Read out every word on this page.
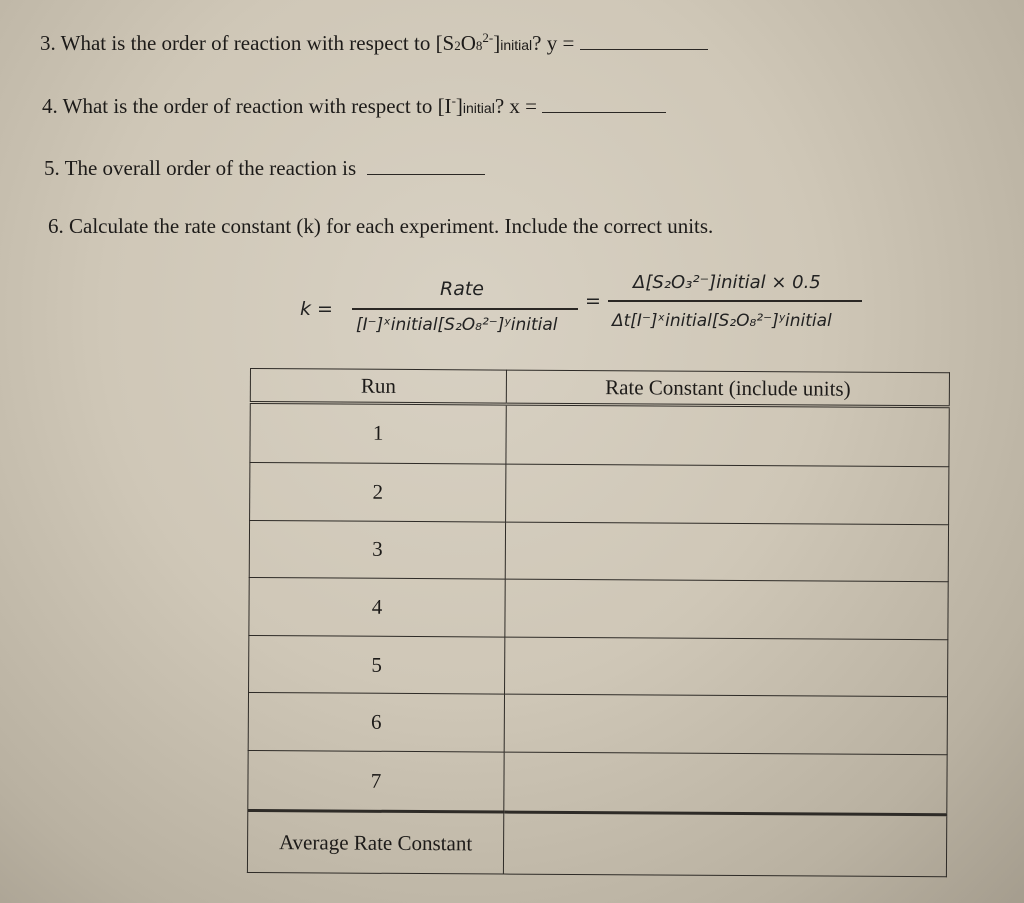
3. What is the order of reaction with respect to $[S2O8^{2-}]initial$? y =
4. What is the order of reaction with respect to [I-]initial? x =
5. The overall order of the reaction is
6. Calculate the rate constant (k) for each experiment. Include the correct units.
k =
Rate
[I⁻]ˣinitial[S₂O₈²⁻]ʸinitial
=
Δ[S₂O₃²⁻]initial × 0.5
Δt[I⁻]ˣinitial[S₂O₈²⁻]ʸinitial
Run	Rate Constant (include units)
1	
2	
3	
4	
5	
6	
7	
Average Rate Constant	
